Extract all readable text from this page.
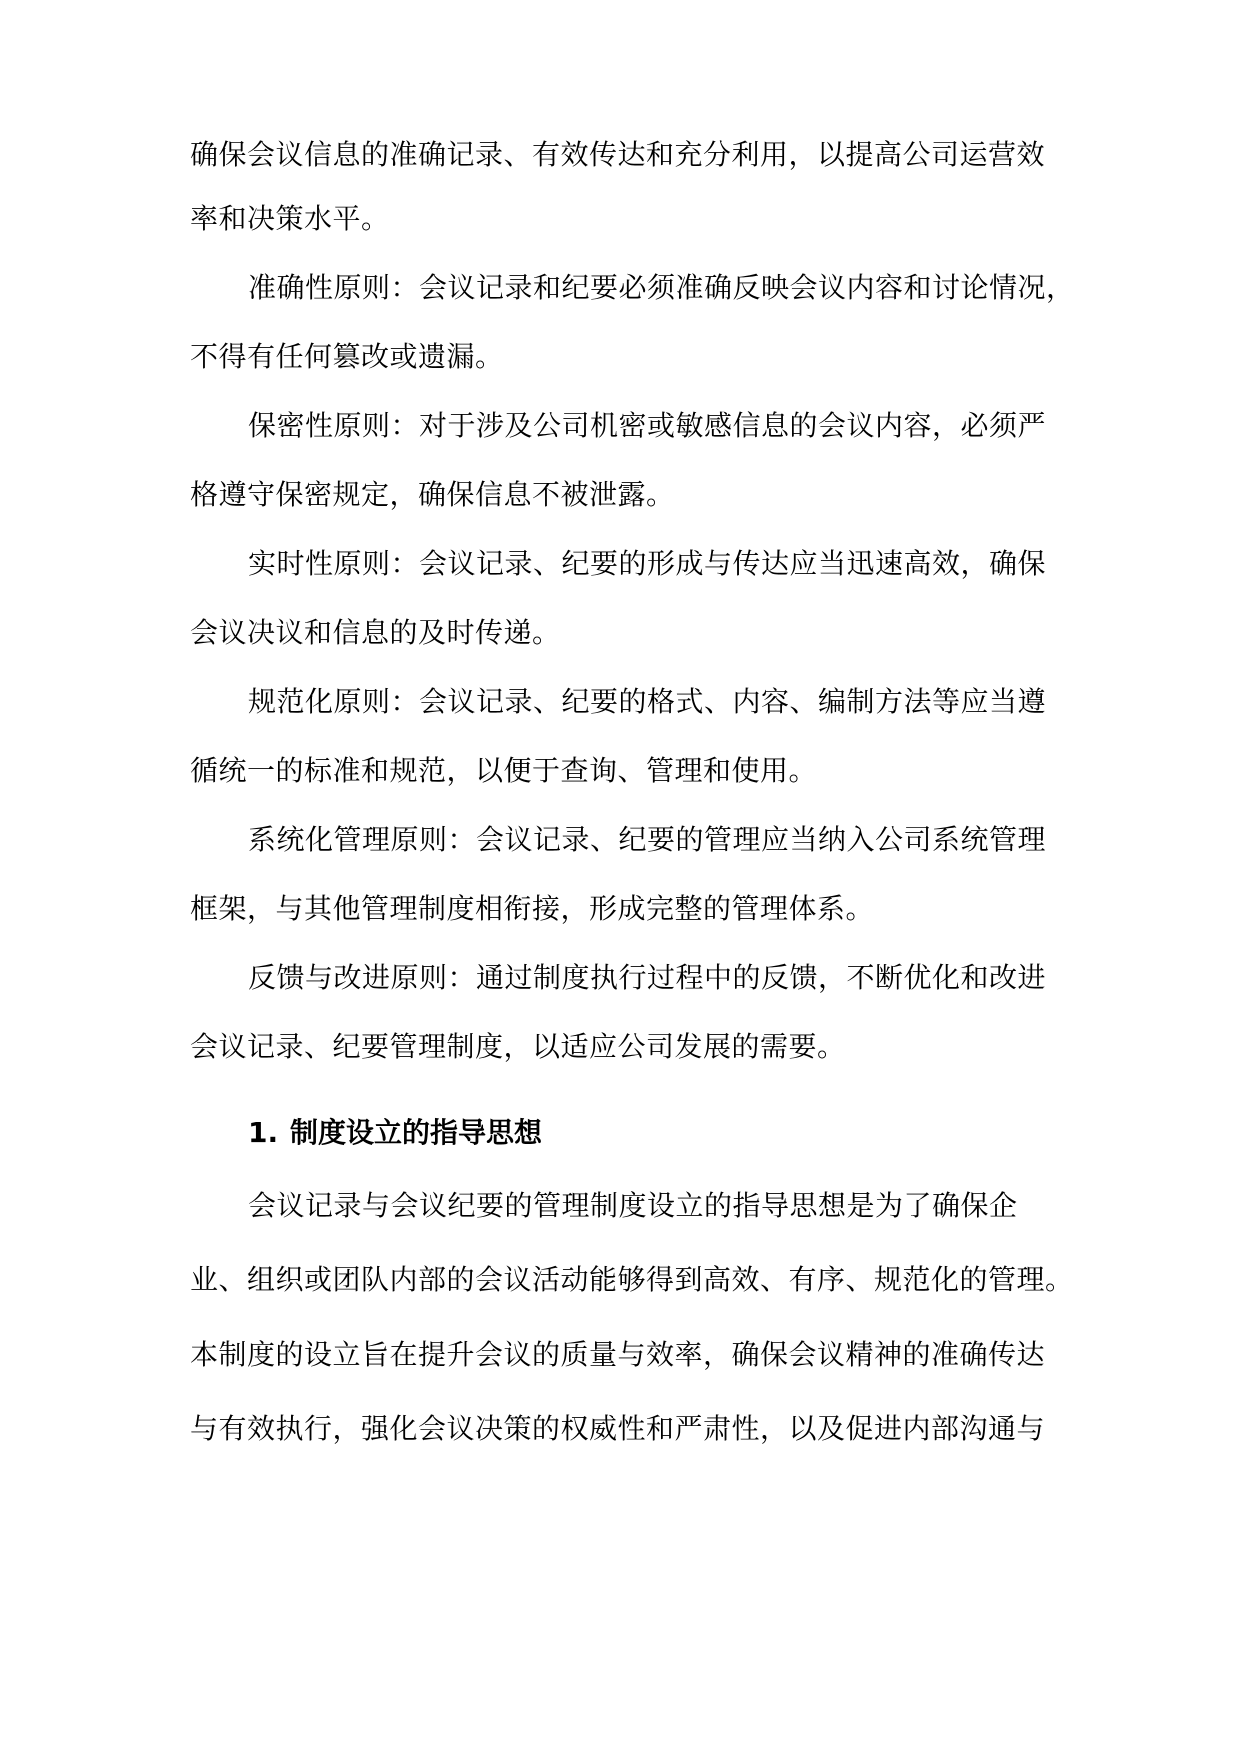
确保会议信息的准确记录、有效传达和充分利用，以提高公司运营效
率和决策水平。
准确性原则：会议记录和纪要必须准确反映会议内容和讨论情况，
不得有任何篡改或遗漏。
保密性原则：对于涉及公司机密或敏感信息的会议内容，必须严
格遵守保密规定，确保信息不被泄露。
实时性原则：会议记录、纪要的形成与传达应当迅速高效，确保
会议决议和信息的及时传递。
规范化原则：会议记录、纪要的格式、内容、编制方法等应当遵
循统一的标准和规范，以便于查询、管理和使用。
系统化管理原则：会议记录、纪要的管理应当纳入公司系统管理
框架，与其他管理制度相衔接，形成完整的管理体系。
反馈与改进原则：通过制度执行过程中的反馈，不断优化和改进
会议记录、纪要管理制度，以适应公司发展的需要。
1. 制度设立的指导思想
会议记录与会议纪要的管理制度设立的指导思想是为了确保企
业、组织或团队内部的会议活动能够得到高效、有序、规范化的管理。
本制度的设立旨在提升会议的质量与效率，确保会议精神的准确传达
与有效执行，强化会议决策的权威性和严肃性，以及促进内部沟通与
